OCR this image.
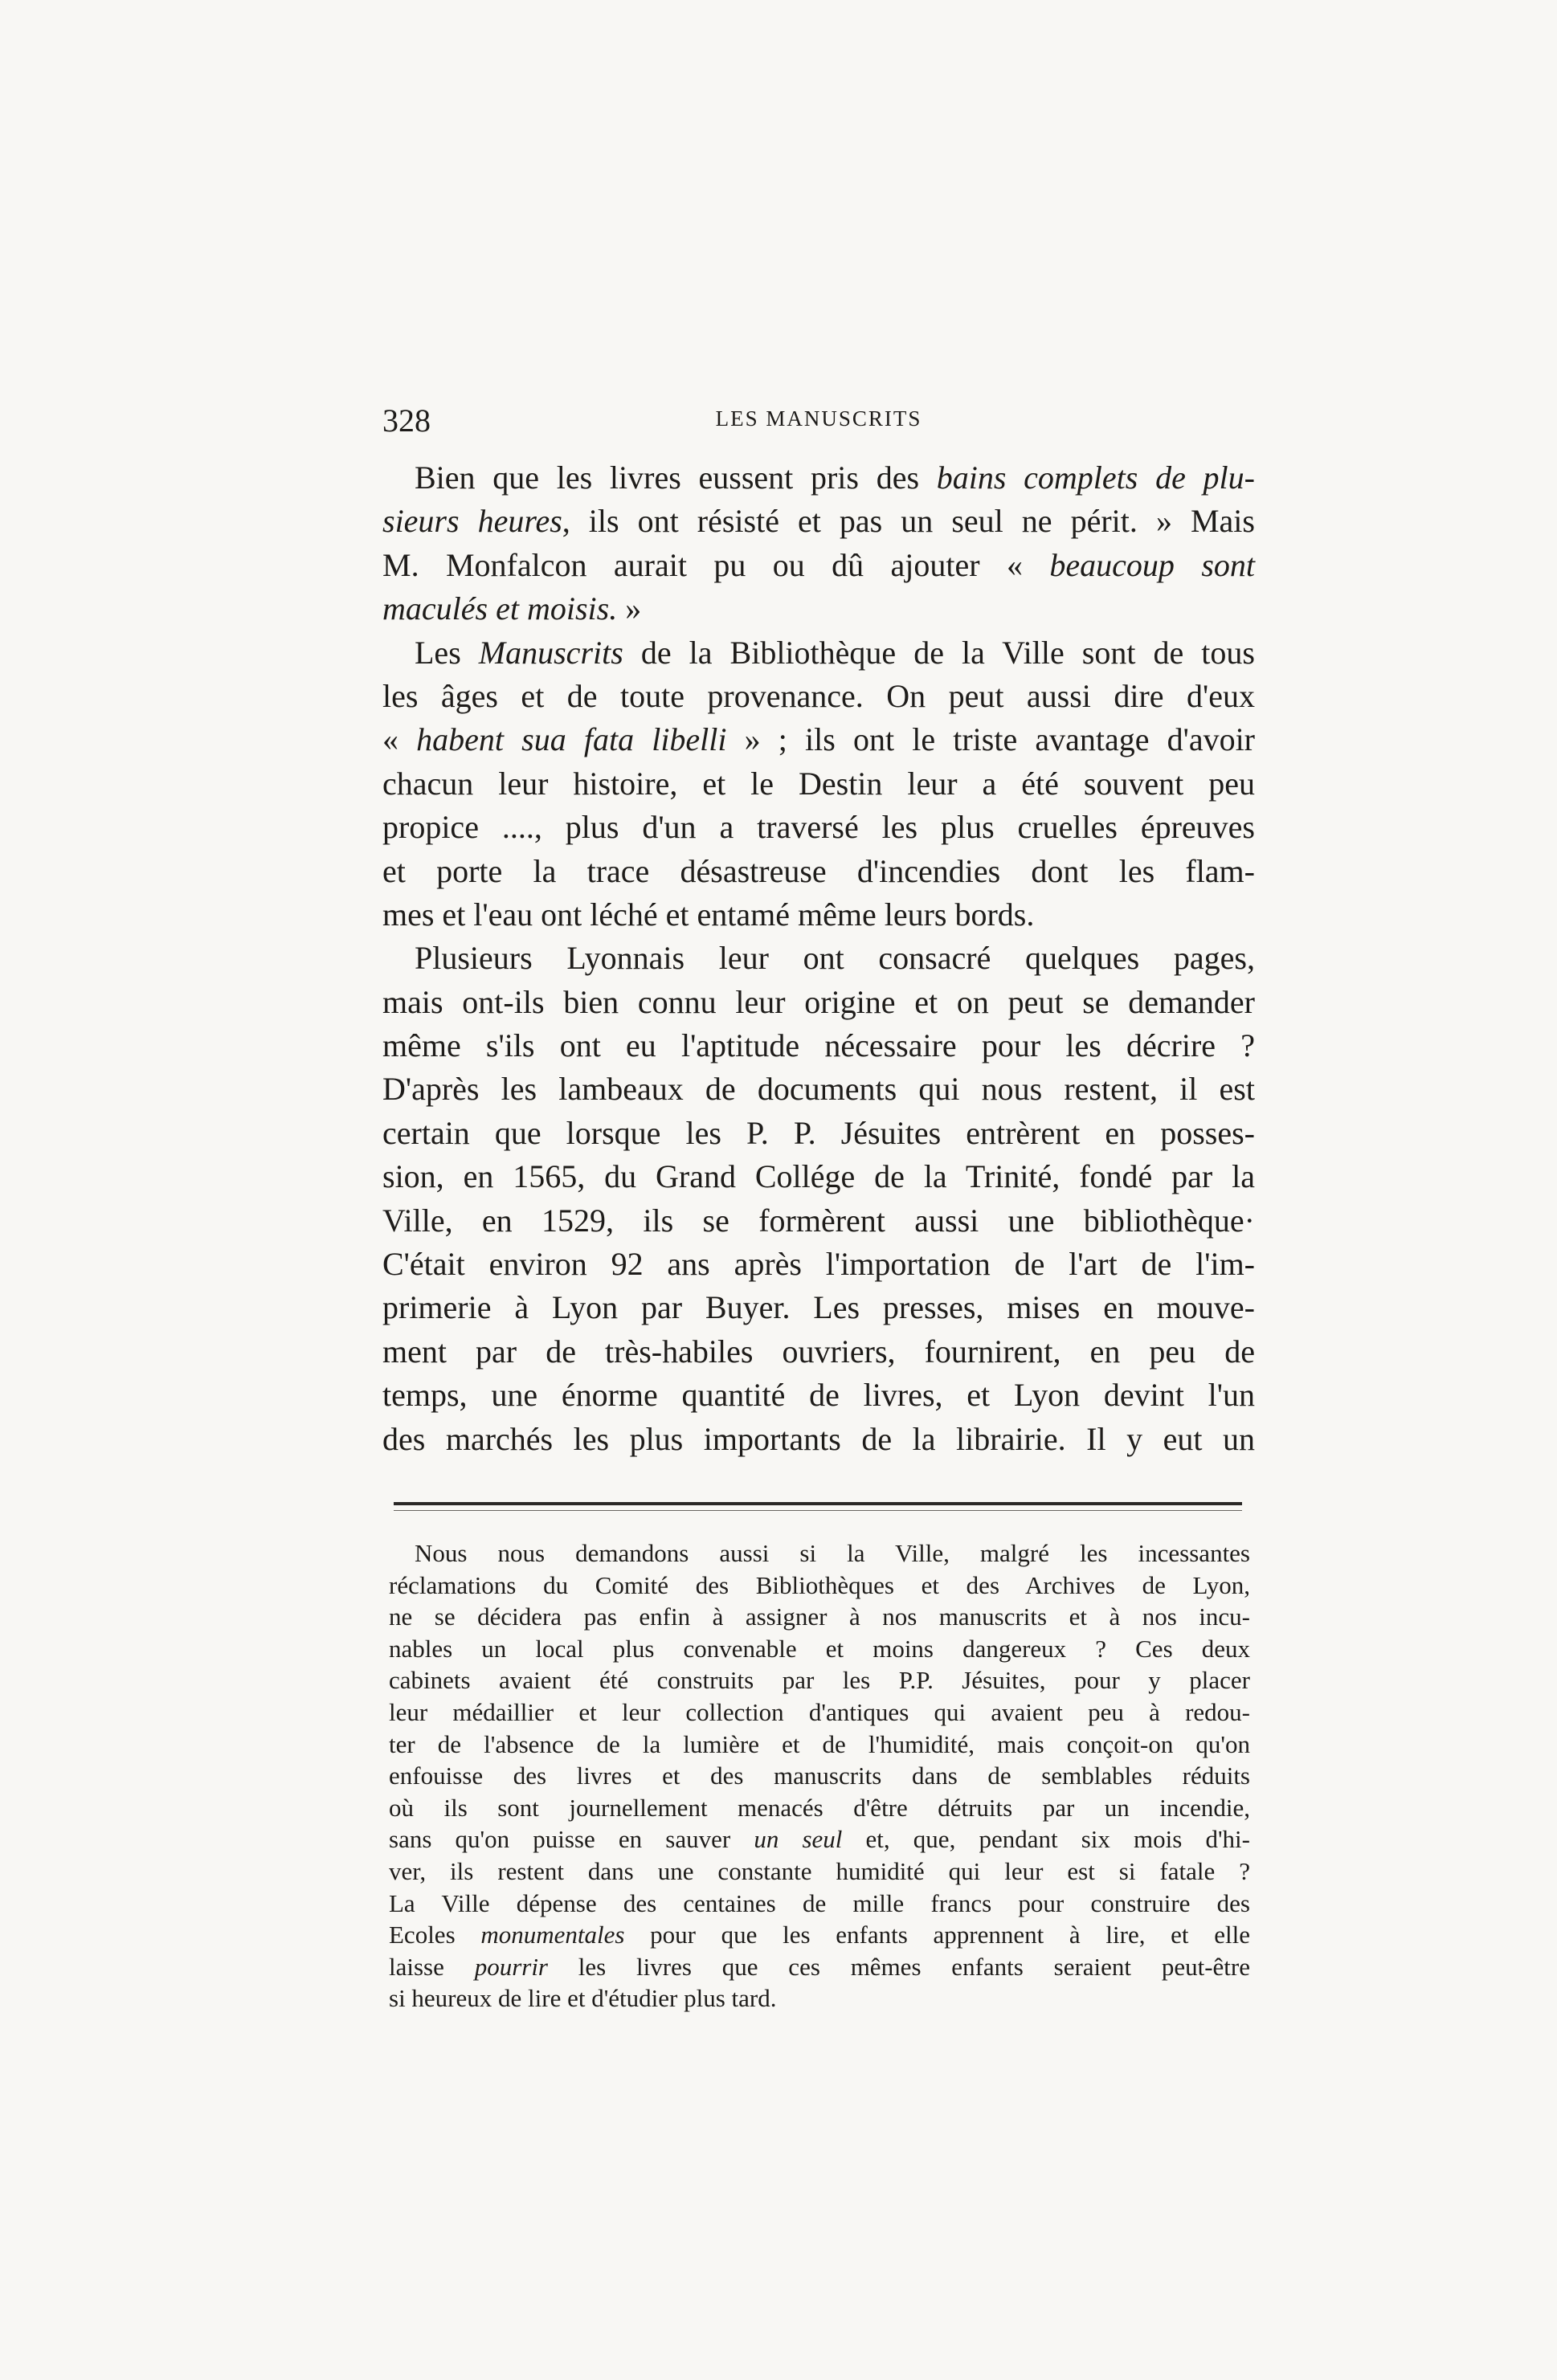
328	LES MANUSCRITS
Bien que les livres eussent pris des bains complets de plu-
sieurs heures, ils ont résisté et pas un seul ne périt. » Mais
M. Monfalcon aurait pu ou dû ajouter « beaucoup sont
maculés et moisis. »
Les Manuscrits de la Bibliothèque de la Ville sont de tous
les âges et de toute provenance. On peut aussi dire d'eux
« habent sua fata libelli » ; ils ont le triste avantage d'avoir
chacun leur histoire, et le Destin leur a été souvent peu
propice ...., plus d'un a traversé les plus cruelles épreuves
et porte la trace désastreuse d'incendies dont les flam-
mes et l'eau ont léché et entamé même leurs bords.
Plusieurs Lyonnais leur ont consacré quelques pages,
mais ont-ils bien connu leur origine et on peut se demander
même s'ils ont eu l'aptitude nécessaire pour les décrire ?
D'après les lambeaux de documents qui nous restent, il est
certain que lorsque les P. P. Jésuites entrèrent en posses-
sion, en 1565, du Grand Collége de la Trinité, fondé par la
Ville, en 1529, ils se formèrent aussi une bibliothèque·
C'était environ 92 ans après l'importation de l'art de l'im-
primerie à Lyon par Buyer. Les presses, mises en mouve-
ment par de très-habiles ouvriers, fournirent, en peu de
temps, une énorme quantité de livres, et Lyon devint l'un
des marchés les plus importants de la librairie. Il y eut un
Nous nous demandons aussi si la Ville, malgré les incessantes
réclamations du Comité des Bibliothèques et des Archives de Lyon,
ne se décidera pas enfin à assigner à nos manuscrits et à nos incu-
nables un local plus convenable et moins dangereux ? Ces deux
cabinets avaient été construits par les P.P. Jésuites, pour y placer
leur médaillier et leur collection d'antiques qui avaient peu à redou-
ter de l'absence de la lumière et de l'humidité, mais conçoit-on qu'on
enfouisse des livres et des manuscrits dans de semblables réduits
où ils sont journellement menacés d'être détruits par un incendie,
sans qu'on puisse en sauver un seul et, que, pendant six mois d'hi-
ver, ils restent dans une constante humidité qui leur est si fatale ?
La Ville dépense des centaines de mille francs pour construire des
Ecoles monumentales pour que les enfants apprennent à lire, et elle
laisse pourrir les livres que ces mêmes enfants seraient peut-être
si heureux de lire et d'étudier plus tard.
